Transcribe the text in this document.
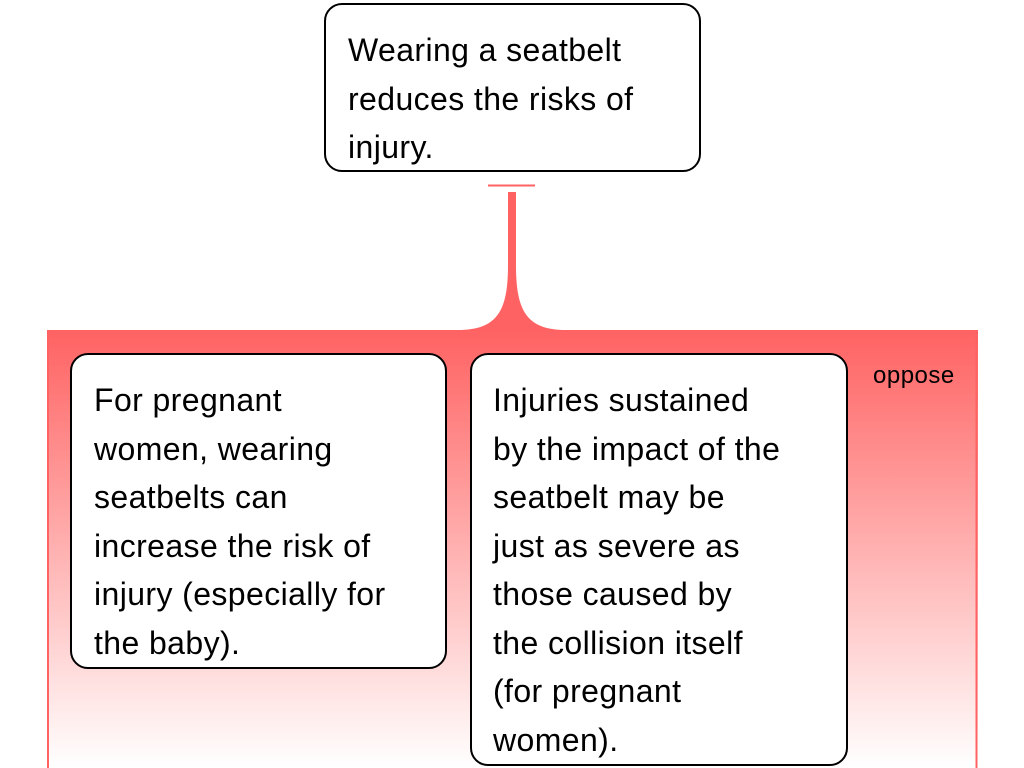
Wearing a seatbelt
reduces the risks of
injury.
For pregnant
women, wearing
seatbelts can
increase the risk of
injury (especially for
the baby).
Injuries sustained
by the impact of the
seatbelt may be
just as severe as
those caused by
the collision itself
(for pregnant
women).
oppose
